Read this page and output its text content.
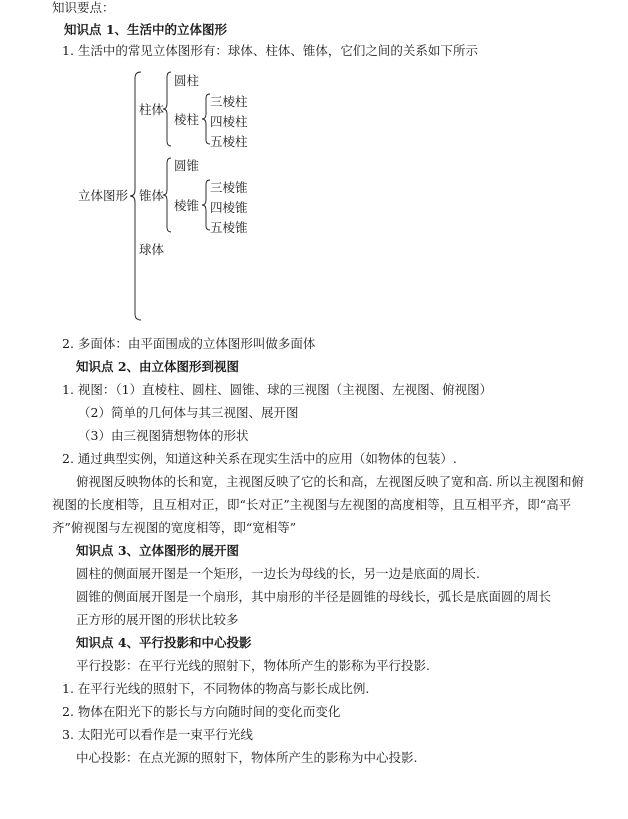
知识要点：
知识点 1、生活中的立体图形
1. 生活中的常见立体图形有：球体、柱体、锥体，它们之间的关系如下所示
立体图形
柱体
圆柱
棱柱
三棱柱
四棱柱
五棱柱
锥体
圆锥
棱锥
三棱锥
四棱锥
五棱锥
球体
2. 多面体：由平面围成的立体图形叫做多面体
知识点 2、由立体图形到视图
1. 视图：（1）直棱柱、圆柱、圆锥、球的三视图（主视图、左视图、俯视图）
（2）简单的几何体与其三视图、展开图
（3）由三视图猜想物体的形状
2. 通过典型实例，知道这种关系在现实生活中的应用（如物体的包装）.
俯视图反映物体的长和宽，主视图反映了它的长和高，左视图反映了宽和高. 所以主视图和俯
视图的长度相等，且互相对正，即“长对正”主视图与左视图的高度相等，且互相平齐，即“高平
齐”俯视图与左视图的宽度相等，即“宽相等”
知识点 3、立体图形的展开图
圆柱的侧面展开图是一个矩形，一边长为母线的长，另一边是底面的周长.
圆锥的侧面展开图是一个扇形，其中扇形的半径是圆锥的母线长，弧长是底面圆的周长
正方形的展开图的形状比较多
知识点 4、平行投影和中心投影
平行投影：在平行光线的照射下，物体所产生的影称为平行投影.
1. 在平行光线的照射下，不同物体的物高与影长成比例.
2. 物体在阳光下的影长与方向随时间的变化而变化
3. 太阳光可以看作是一束平行光线
中心投影：在点光源的照射下，物体所产生的影称为中心投影.
